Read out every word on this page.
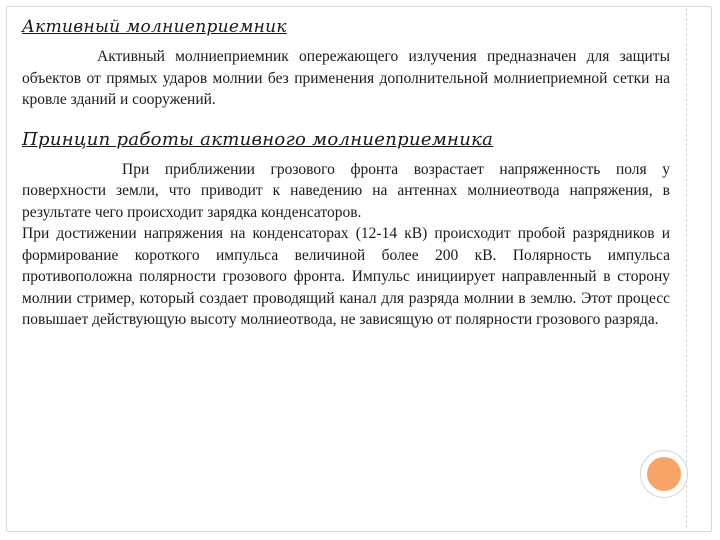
Активный молниеприемник

Активный молниеприемник опережающего излучения предназначен для защиты объектов от прямых ударов молнии без применения дополнительной молниеприемной сетки на кровле зданий и сооружений.

Принцип работы активного молниеприемника

При приближении грозового фронта возрастает напряженность поля у поверхности земли, что приводит к наведению на антеннах молниеотвода напряжения, в результате чего происходит зарядка конденсаторов.

При достижении напряжения на конденсаторах (12-14 кВ) происходит пробой разрядников и формирование короткого импульса величиной более 200 кВ. Полярность импульса противоположна полярности грозового фронта. Импульс инициирует направленный в сторону молнии стример, который создает проводящий канал для разряда молнии в землю. Этот процесс повышает действующую высоту молниеотвода, не зависящую от полярности грозового разряда.
